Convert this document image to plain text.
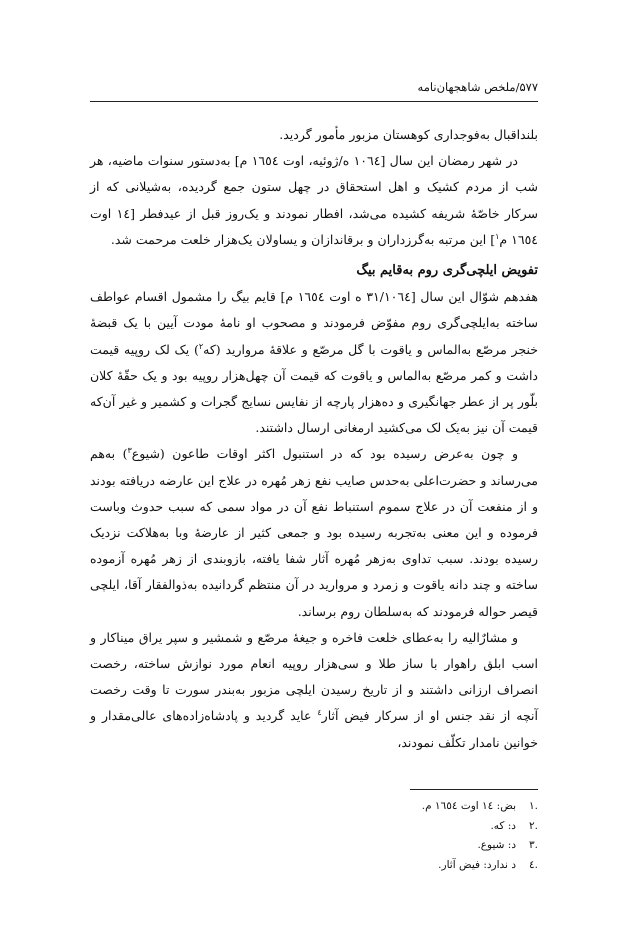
۵۷۷/ملخص شاهجهان‌نامه

بلنداقبال به‌فوجداری کوهستان مزبور مأمور گردید.

در شهر رمضان این سال [۱۰٦٤ ه/ژوئیه، اوت ۱٦٥٤ م] به‌دستور سنوات ماضیه، هر شب از مردم کشیک و اهل استحقاق در چهل ستون جمع گردیده، به‌شیلانی که از سرکار خاصّهٔ شریفه کشیده می‌شد، افطار نمودند و یک‌روز قبل از عیدفطر [۱٤ اوت ۱٦٥٤ م$^۱$] این مرتبه به‌گرزداران و برقاندازان و یساولان یک‌هزار خلعت مرحمت شد.

تفویض ایلچی‌گری روم به‌قایم بیگ

هفدهم شوّال این سال [۳۱/۱۰٦٤ ه اوت ۱٦٥٤ م] قایم بیگ را مشمول اقسام عواطف ساخته به‌ایلچی‌گری روم مفوّض فرمودند و مصحوب او نامهٔ مودت آیین با یک قبضهٔ خنجر مرصّع به‌الماس و یاقوت با گل مرصّع و علاقهٔ مروارید (که$^۲$) یک لک روپیه قیمت داشت و کمر مرصّع به‌الماس و یاقوت که قیمت آن چهل‌هزار روپیه بود و یک حقّهٔ کلان بلّور پر از عطر جهانگیری و ده‌هزار پارچه از نفایس نسایج گجرات و کشمیر و غیر آن‌که قیمت آن نیز به‌یک لک می‌کشید ارمغانی ارسال داشتند.

و چون به‌عرض رسیده بود که در استنبول اکثر اوقات طاعون (شیوع$^۳$) به‌هم می‌رساند و حضرت‌اعلی به‌حدس صایب نفع زهر مُهره در علاج این عارضه دریافته بودند و از منفعت آن در علاج سموم استنباط نفع آن در مواد سمی که سبب حدوث وباست فرموده و این معنی به‌تجربه رسیده بود و جمعی کثیر از عارضهٔ وبا به‌هلاکت نزدیک رسیده بودند. سبب تداوی به‌زهر مُهره آثار شفا یافته، بازوبندی از زهر مُهره آزموده ساخته و چند دانه یاقوت و زمرد و مروارید در آن منتظم گردانیده به‌ذوالفقار آقا، ایلچی قیصر حواله فرمودند که به‌سلطان روم برساند.

و مشارٌالیه را به‌عطای خلعت فاخره و جیغهٔ مرصّع و شمشیر و سپر یراق میناکار و اسب ابلق راهوار با ساز طلا و سی‌هزار روپیه انعام مورد نوازش ساخته، رخصت انصراف ارزانی داشتند و از تاریخ رسیدن ایلچی مزبور به‌بندر سورت تا وقت رخصت آنچه از نقد جنس او از سرکار فیض آثار$^٤$ عاید گردید و پادشاه‌زاده‌های عالی‌مقدار و خوانین نامدار تکلّف نمودند،

.۱
بض: ۱٤ اوت ۱٦٥٤ م.
.۲
د: که.
.۳
د: شیوع.
.٤
د ندارد: فیض آثار.
